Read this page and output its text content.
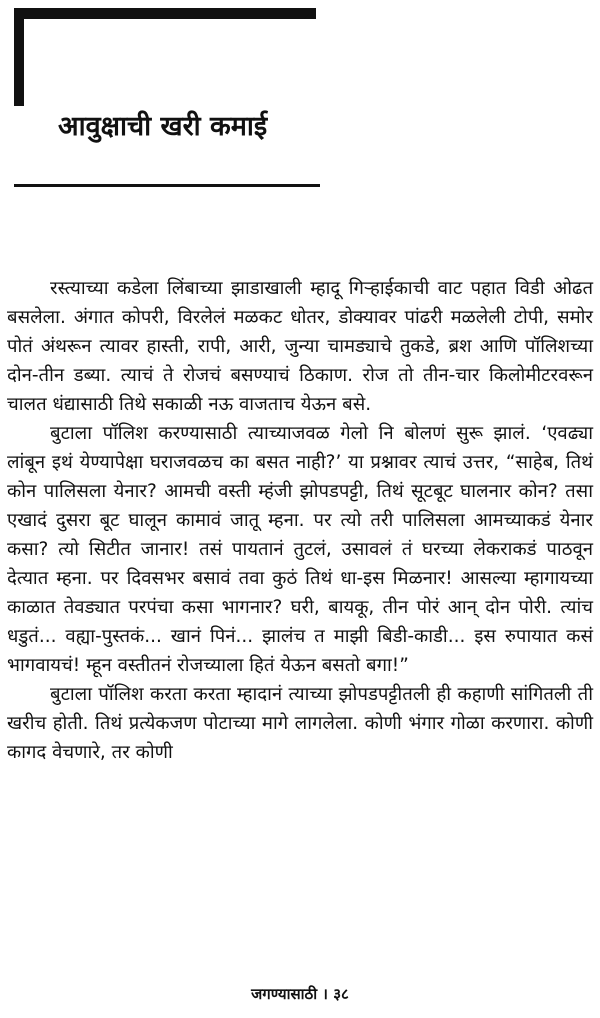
आवुक्षाची खरी कमाई

रस्त्याच्या कडेला लिंबाच्या झाडाखाली म्हादू गिऱ्हाईकाची वाट पहात विडी ओढत बसलेला. अंगात कोपरी, विरलेलं मळकट धोतर, डोक्यावर पांढरी मळलेली टोपी, समोर पोतं अंथरून त्यावर हास्ती, रापी, आरी, जुन्या चामड्याचे तुकडे, ब्रश आणि पॉलिशच्या दोन-तीन डब्या. त्याचं ते रोजचं बसण्याचं ठिकाण. रोज तो तीन-चार किलोमीटरवरून चालत धंद्यासाठी तिथे सकाळी नऊ वाजताच येऊन बसे.

बुटाला पॉलिश करण्यासाठी त्याच्याजवळ गेलो नि बोलणं सुरू झालं. ‘एवढ्या लांबून इथं येण्यापेक्षा घराजवळच का बसत नाही?’ या प्रश्नावर त्याचं उत्तर, “साहेब, तिथं कोन पालिसला येनार? आमची वस्ती म्हंजी झोपडपट्टी, तिथं सूटबूट घालनार कोन? तसा एखादं दुसरा बूट घालून कामावं जातू म्हना. पर त्यो तरी पालिसला आमच्याकडं येनार कसा? त्यो सिटीत जानार! तसं पायतानं तुटलं, उसावलं तं घरच्या लेकराकडं पाठवून देत्यात म्हना. पर दिवसभर बसावं तवा कुठं तिथं धा-इस मिळनार! आसल्या म्हागायच्या काळात तेवड्यात परपंचा कसा भागनार? घरी, बायकू, तीन पोरं आन् दोन पोरी. त्यांच धडुतं... वह्या-पुस्तकं... खानं पिनं... झालंच त माझी बिडी-काडी... इस रुपायात कसं भागवायचं! म्हून वस्तीतनं रोजच्याला हितं येऊन बसतो बगा!”

बुटाला पॉलिश करता करता म्हादानं त्याच्या झोपडपट्टीतली ही कहाणी सांगितली ती खरीच होती. तिथं प्रत्येकजण पोटाच्या मागे लागलेला. कोणी भंगार गोळा करणारा. कोणी कागद वेचणारे, तर कोणी

जगण्यासाठी । ३८
